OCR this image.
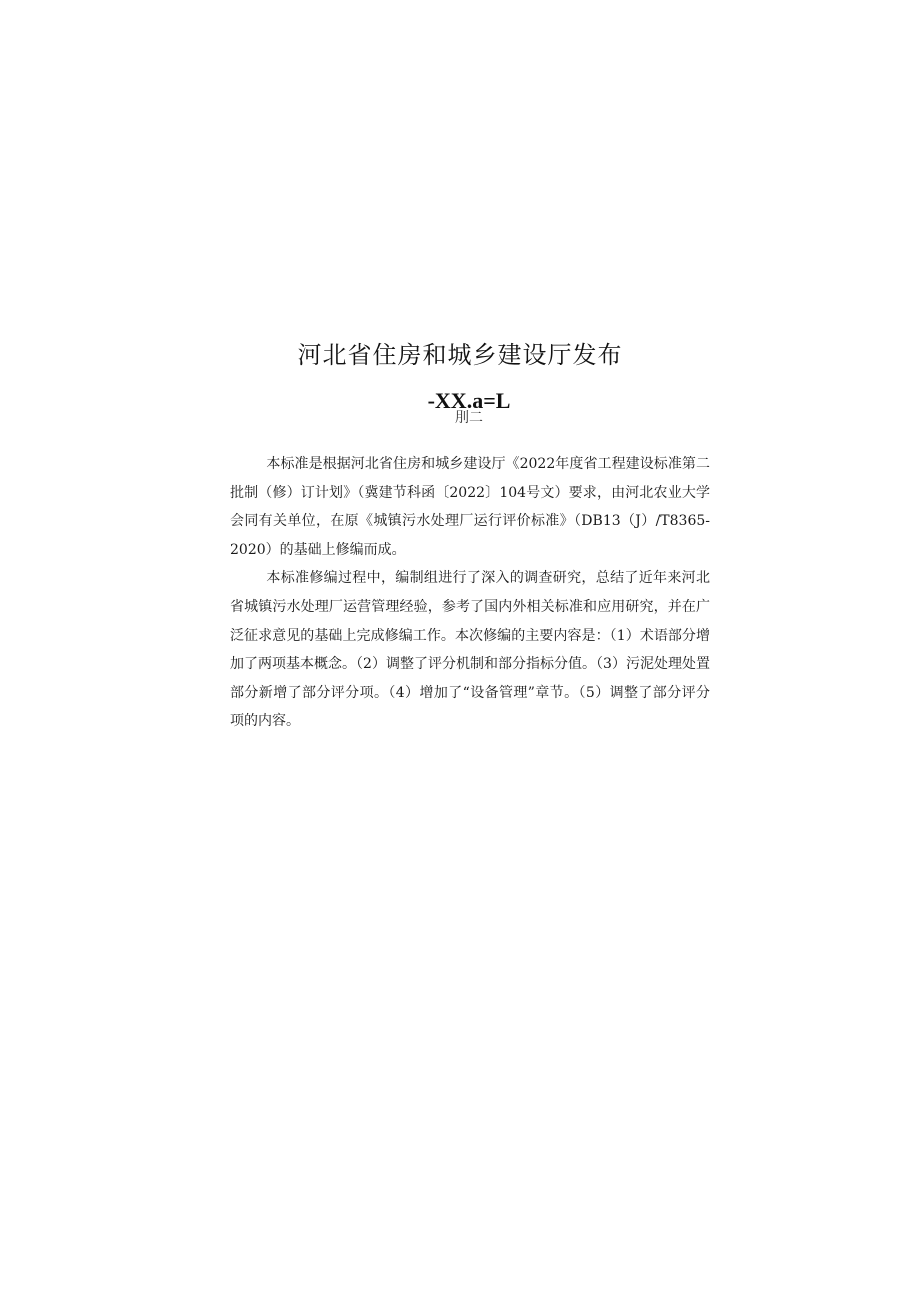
河北省住房和城乡建设厅发布
-XX.a=L
刖二

本标准是根据河北省住房和城乡建设厅《2022年度省工程建设标准第二批制（修）订计划》（冀建节科函〔2022〕104号文）要求，由河北农业大学会同有关单位，在原《城镇污水处理厂运行评价标准》（DB13（J）/T8365-2020）的基础上修编而成。

本标准修编过程中，编制组进行了深入的调查研究，总结了近年来河北省城镇污水处理厂运营管理经验，参考了国内外相关标准和应用研究，并在广泛征求意见的基础上完成修编工作。本次修编的主要内容是：（1）术语部分增加了两项基本概念。（2）调整了评分机制和部分指标分值。（3）污泥处理处置部分新增了部分评分项。（4）增加了“设备管理”章节。（5）调整了部分评分项的内容。
